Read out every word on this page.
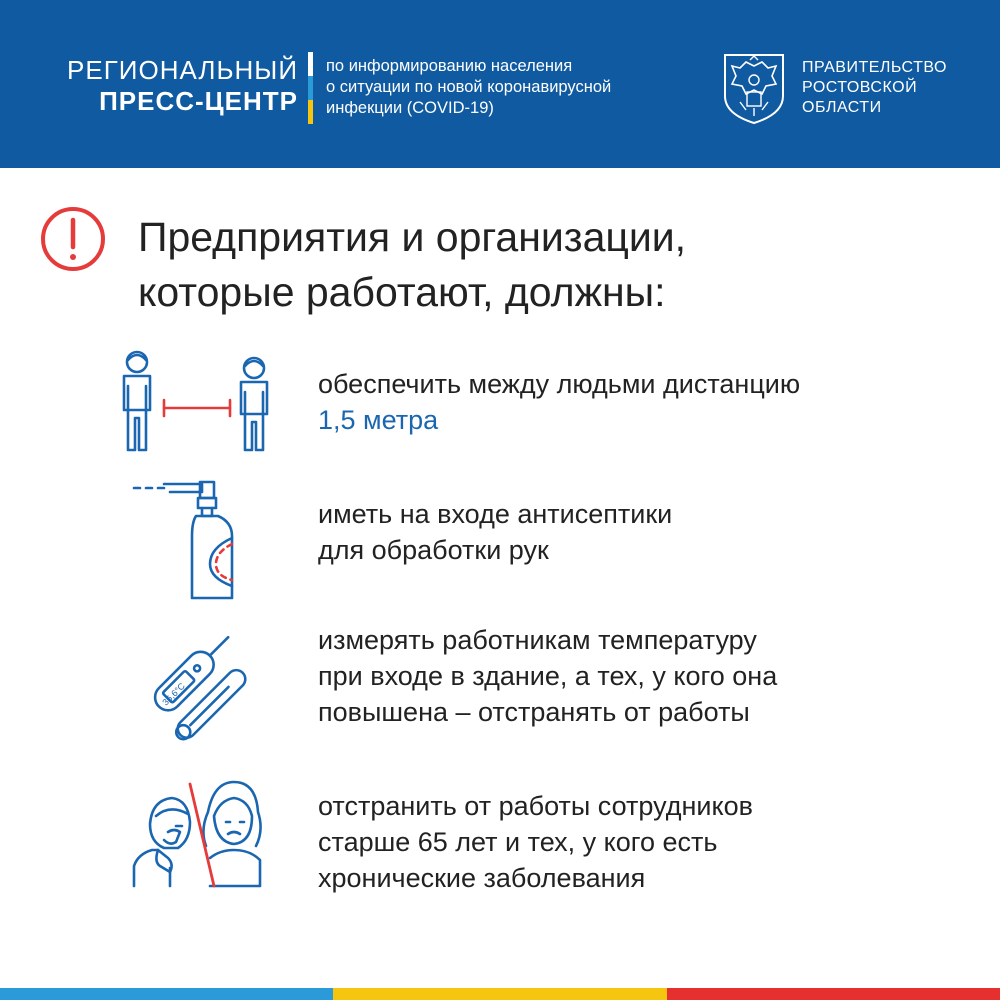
РЕГИОНАЛЬНЫЙ
ПРЕСС-ЦЕНТР
по информированию населения
о ситуации по новой коронавирусной
инфекции (COVID-19)
ПРАВИТЕЛЬСТВО
РОСТОВСКОЙ
ОБЛАСТИ
Предприятия и организации,
которые работают, должны:
обеспечить между людьми дистанцию
1,5 метра
иметь на входе антисептики
для обработки рук
36,6°C
измерять работникам температуру
при входе в здание, а тех, у кого она
повышена – отстранять от работы
отстранить от работы сотрудников
старше 65 лет и тех, у кого есть
хронические заболевания
